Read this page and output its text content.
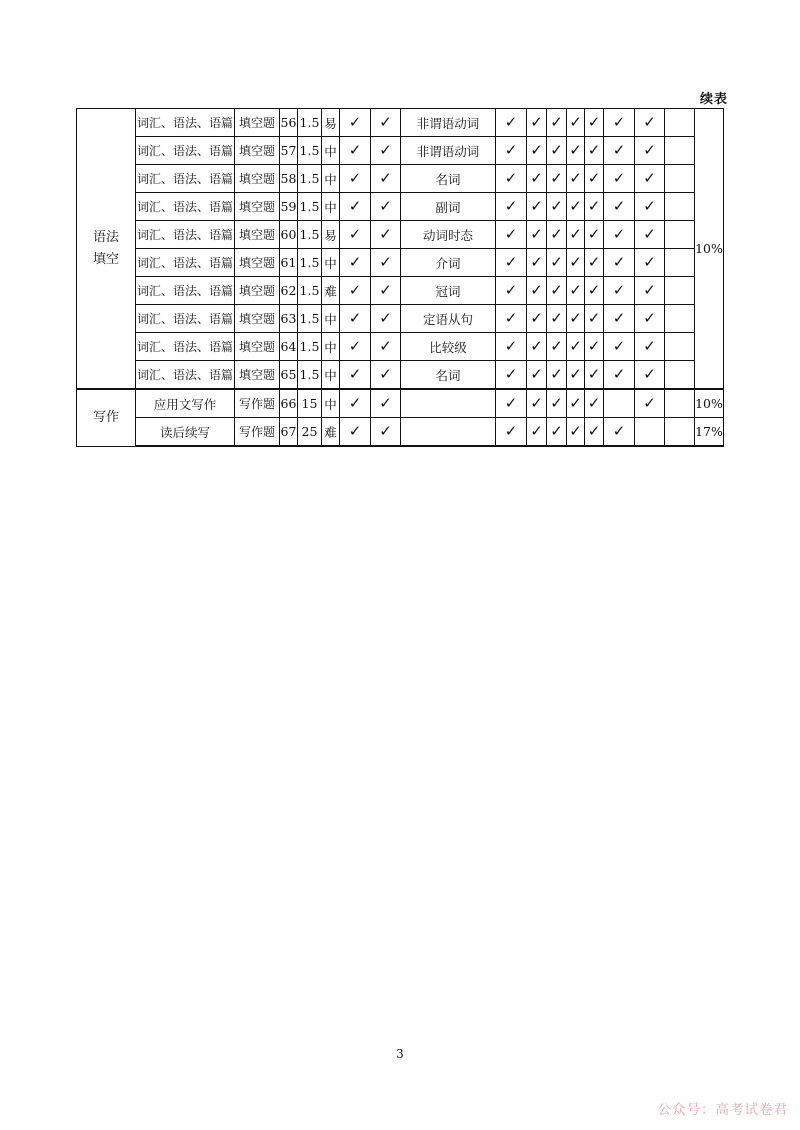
续表
语法
填空	词汇、语法、语篇	填空题	56	1.5	易	✓	✓	非谓语动词	✓	✓	✓	✓	✓	✓	✓		10%
	词汇、语法、语篇	填空题	57	1.5	中	✓	✓	非谓语动词	✓	✓	✓	✓	✓	✓	✓		
	词汇、语法、语篇	填空题	58	1.5	中	✓	✓	名词	✓	✓	✓	✓	✓	✓	✓		
	词汇、语法、语篇	填空题	59	1.5	中	✓	✓	副词	✓	✓	✓	✓	✓	✓	✓		
	词汇、语法、语篇	填空题	60	1.5	易	✓	✓	动词时态	✓	✓	✓	✓	✓	✓	✓		
	词汇、语法、语篇	填空题	61	1.5	中	✓	✓	介词	✓	✓	✓	✓	✓	✓	✓		
	词汇、语法、语篇	填空题	62	1.5	难	✓	✓	冠词	✓	✓	✓	✓	✓	✓	✓		
	词汇、语法、语篇	填空题	63	1.5	中	✓	✓	定语从句	✓	✓	✓	✓	✓	✓	✓		
	词汇、语法、语篇	填空题	64	1.5	中	✓	✓	比较级	✓	✓	✓	✓	✓	✓	✓		
	词汇、语法、语篇	填空题	65	1.5	中	✓	✓	名词	✓	✓	✓	✓	✓	✓	✓		
写作	应用文写作	写作题	66	15	中	✓	✓		✓	✓	✓	✓	✓		✓		10%
	读后续写	写作题	67	25	难	✓	✓		✓	✓	✓	✓	✓	✓			17%
3
公众号：高考试卷君
